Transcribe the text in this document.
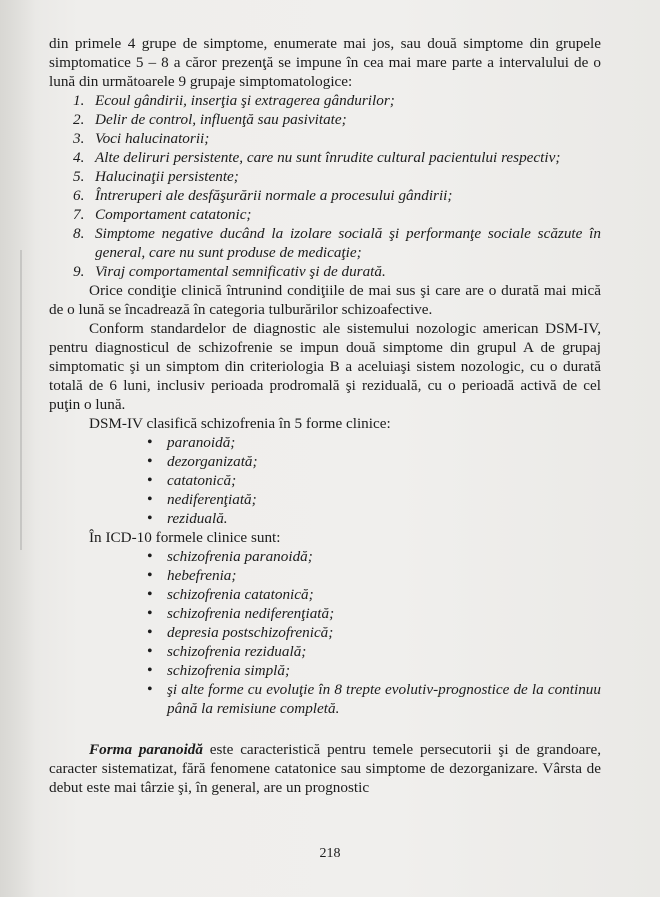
din primele 4 grupe de simptome, enumerate mai jos, sau două simptome din grupele simptomatice 5 – 8 a căror prezenţă se impune în cea mai mare parte a intervalului de o lună din următoarele 9 grupaje simptomatologice:

1. Ecoul gândirii, inserţia şi extragerea gândurilor;
2. Delir de control, influenţă sau pasivitate;
3. Voci halucinatorii;
4. Alte deliruri persistente, care nu sunt înrudite cultural pacientului respectiv;
5. Halucinaţii persistente;
6. Întreruperi ale desfăşurării normale a procesului gândirii;
7. Comportament catatonic;
8. Simptome negative ducând la izolare socială şi performanţe sociale scăzute în general, care nu sunt produse de medicaţie;
9. Viraj comportamental semnificativ şi de durată.

Orice condiţie clinică întrunind condiţiile de mai sus şi care are o durată mai mică de o lună se încadrează în categoria tulburărilor schizoafective.

Conform standardelor de diagnostic ale sistemului nozologic american DSM-IV, pentru diagnosticul de schizofrenie se impun două simptome din grupul A de grupaj simptomatic şi un simptom din criteriologia B a aceluiaşi sistem nozologic, cu o durată totală de 6 luni, inclusiv perioada prodromală şi reziduală, cu o perioadă activă de cel puţin o lună.

DSM-IV clasifică schizofrenia în 5 forme clinice:

• paranoidă;
• dezorganizată;
• catatonică;
• nediferenţiată;
• reziduală.

În ICD-10 formele clinice sunt:

• schizofrenia paranoidă;
• hebefrenia;
• schizofrenia catatonică;
• schizofrenia nediferenţiată;
• depresia postschizofrenică;
• schizofrenia reziduală;
• schizofrenia simplă;
• şi alte forme cu evoluţie în 8 trepte evolutiv-prognostice de la continuu până la remisiune completă.

Forma paranoidă este caracteristică pentru temele persecutorii şi de grandoare, caracter sistematizat, fără fenomene catatonice sau simptome de dezorganizare. Vârsta de debut este mai târzie şi, în general, are un prognostic

218
